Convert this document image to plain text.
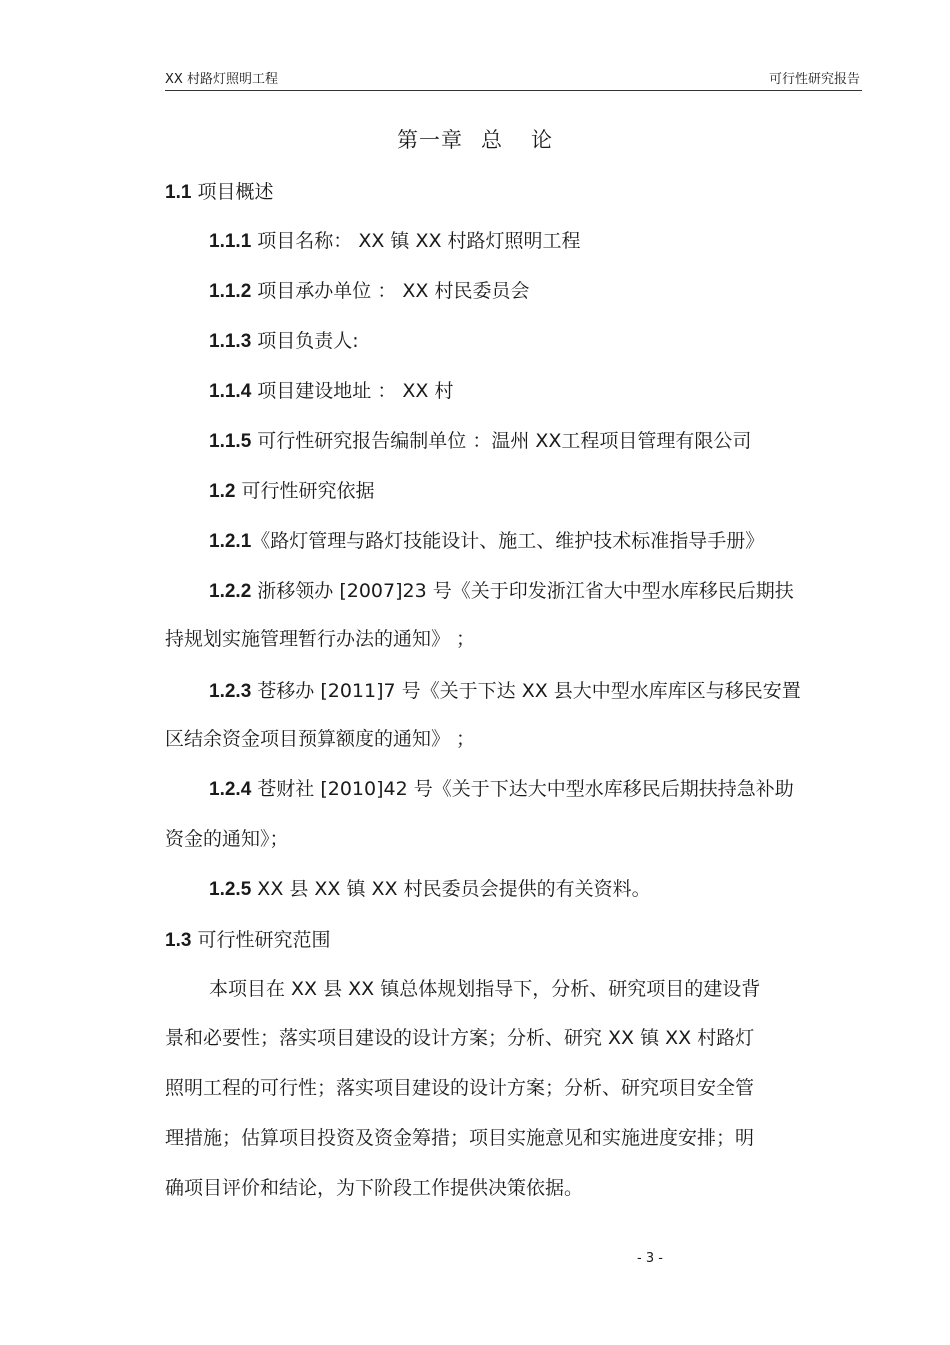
XX 村路灯照明工程	可行性研究报告
第一章 总 论
1.1 项目概述
1.1.1 项目名称： XX 镇 XX 村路灯照明工程
1.1.2 项目承办单位 ： XX 村民委员会
1.1.3 项目负责人:
1.1.4 项目建设地址 ： XX 村
1.1.5 可行性研究报告编制单位 ：温州 XX工程项目管理有限公司
1.2 可行性研究依据
1.2.1《路灯管理与路灯技能设计、施工、维护技术标准指导手册》
1.2.2 浙移领办 [2007]23 号《关于印发浙江省大中型水库移民后期扶
持规划实施管理暂行办法的通知》 ；
1.2.3 苍移办 [2011]7 号《关于下达 XX 县大中型水库库区与移民安置
区结余资金项目预算额度的通知》 ；
1.2.4 苍财社 [2010]42 号《关于下达大中型水库移民后期扶持急补助
资金的通知》；
1.2.5 XX 县 XX 镇 XX 村民委员会提供的有关资料。
1.3 可行性研究范围
本项目在 XX 县 XX 镇总体规划指导下，分析、研究项目的建设背
景和必要性；落实项目建设的设计方案；分析、研究 XX 镇 XX 村路灯
照明工程的可行性；落实项目建设的设计方案；分析、研究项目安全管
理措施；估算项目投资及资金筹措；项目实施意见和实施进度安排；明
确项目评价和结论，为下阶段工作提供决策依据。
- 3 -
